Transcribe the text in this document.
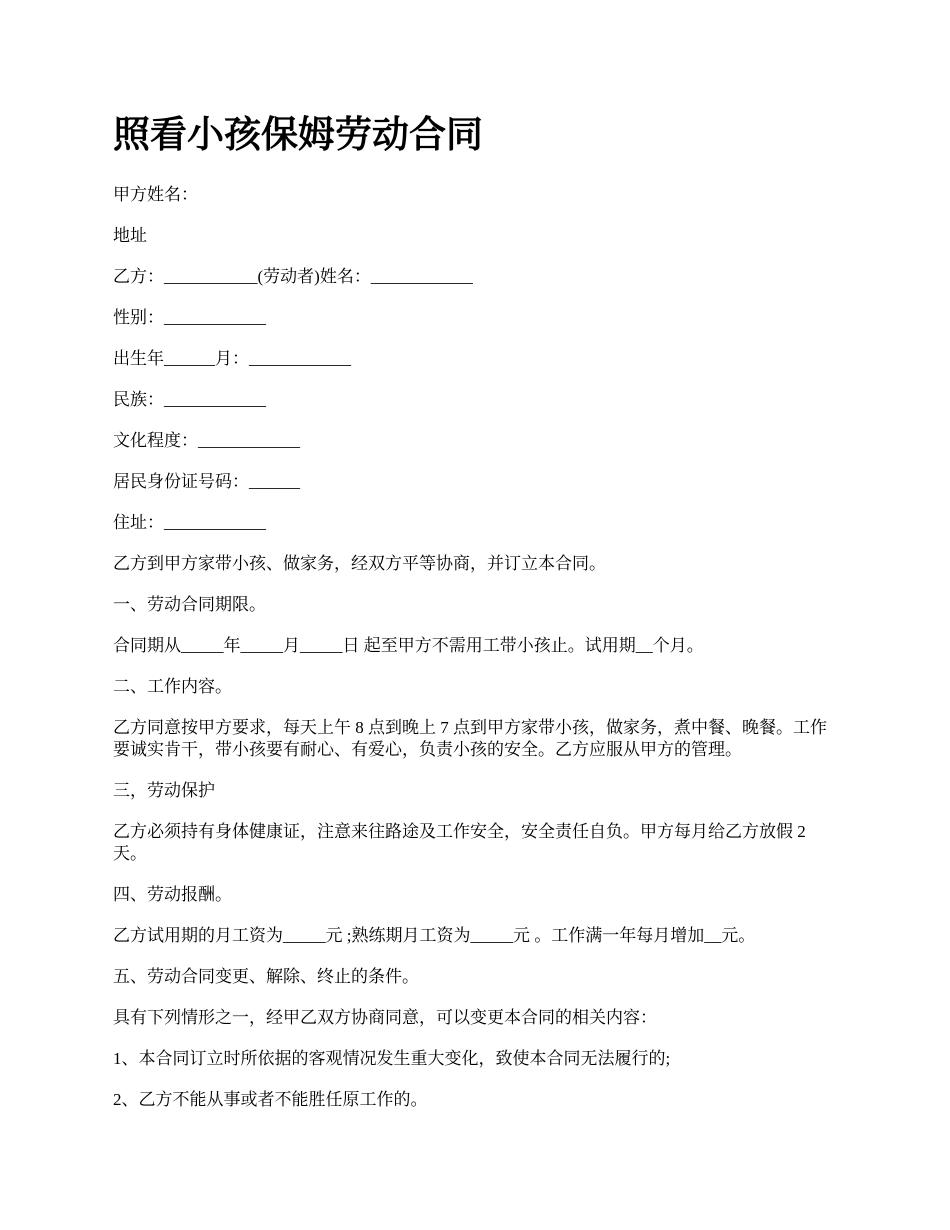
照看小孩保姆劳动合同

甲方姓名：

地址

乙方：___________(劳动者)姓名：____________

性别：____________

出生年______月：____________

民族：____________

文化程度：____________

居民身份证号码：______

住址：____________

乙方到甲方家带小孩、做家务，经双方平等协商，并订立本合同。

一、劳动合同期限。

合同期从_____年_____月_____日 起至甲方不需用工带小孩止。试用期__个月。

二、工作内容。

乙方同意按甲方要求，每天上午 8 点到晚上 7 点到甲方家带小孩，做家务，煮中餐、晚餐。工作要诚实肯干，带小孩要有耐心、有爱心，负责小孩的安全。乙方应服从甲方的管理。

三，劳动保护

乙方必须持有身体健康证，注意来往路途及工作安全，安全责任自负。甲方每月给乙方放假 2 天。

四、劳动报酬。

乙方试用期的月工资为_____元 ;熟练期月工资为_____元 。工作满一年每月增加__元。

五、劳动合同变更、解除、终止的条件。

具有下列情形之一，经甲乙双方协商同意，可以变更本合同的相关内容：

1、本合同订立时所依据的客观情况发生重大变化，致使本合同无法履行的;

2、乙方不能从事或者不能胜任原工作的。
